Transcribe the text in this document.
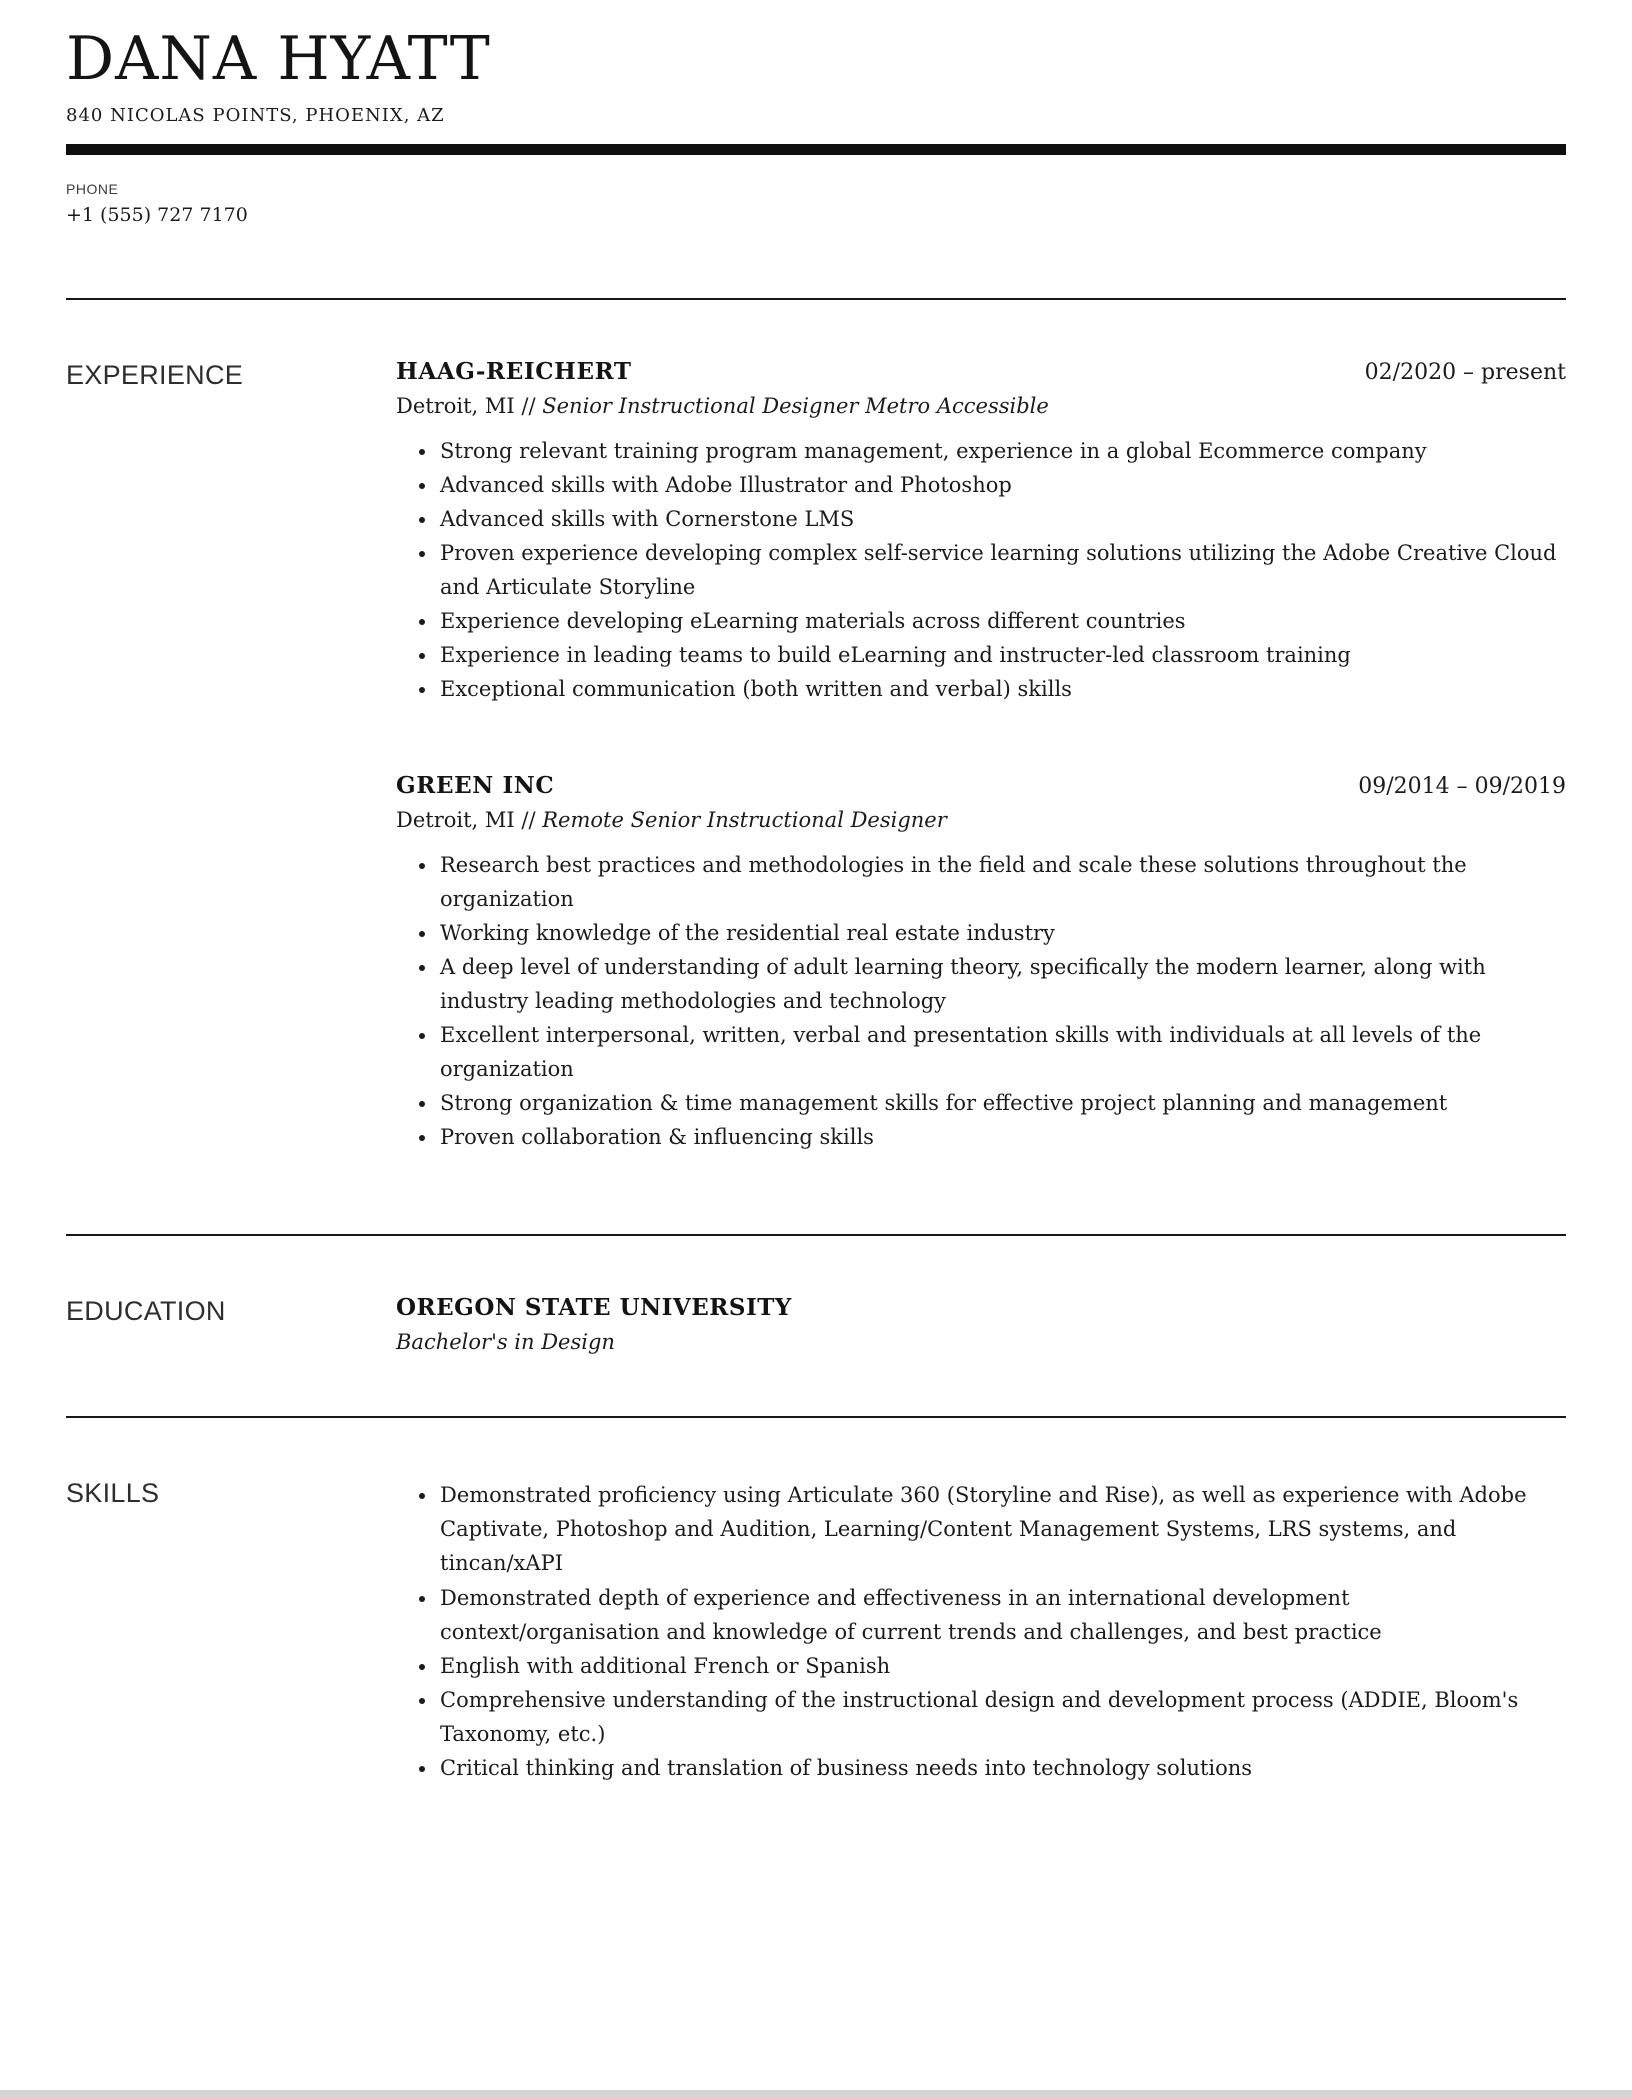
DANA HYATT
840 NICOLAS POINTS, PHOENIX, AZ
PHONE
+1 (555) 727 7170
EXPERIENCE	HAAG-REICHERT	02/2020 – present
Detroit, MI // Senior Instructional Designer Metro Accessible
• Strong relevant training program management, experience in a global Ecommerce company
• Advanced skills with Adobe Illustrator and Photoshop
• Advanced skills with Cornerstone LMS
• Proven experience developing complex self-service learning solutions utilizing the Adobe Creative Cloud and Articulate Storyline
• Experience developing eLearning materials across different countries
• Experience in leading teams to build eLearning and instructer-led classroom training
• Exceptional communication (both written and verbal) skills
GREEN INC	09/2014 – 09/2019
Detroit, MI // Remote Senior Instructional Designer
• Research best practices and methodologies in the field and scale these solutions throughout the organization
• Working knowledge of the residential real estate industry
• A deep level of understanding of adult learning theory, specifically the modern learner, along with industry leading methodologies and technology
• Excellent interpersonal, written, verbal and presentation skills with individuals at all levels of the organization
• Strong organization & time management skills for effective project planning and management
• Proven collaboration & influencing skills
EDUCATION	OREGON STATE UNIVERSITY
Bachelor's in Design
SKILLS	• Demonstrated proficiency using Articulate 360 (Storyline and Rise), as well as experience with Adobe Captivate, Photoshop and Audition, Learning/Content Management Systems, LRS systems, and tincan/xAPI
• Demonstrated depth of experience and effectiveness in an international development context/organisation and knowledge of current trends and challenges, and best practice
• English with additional French or Spanish
• Comprehensive understanding of the instructional design and development process (ADDIE, Bloom's Taxonomy, etc.)
• Critical thinking and translation of business needs into technology solutions
